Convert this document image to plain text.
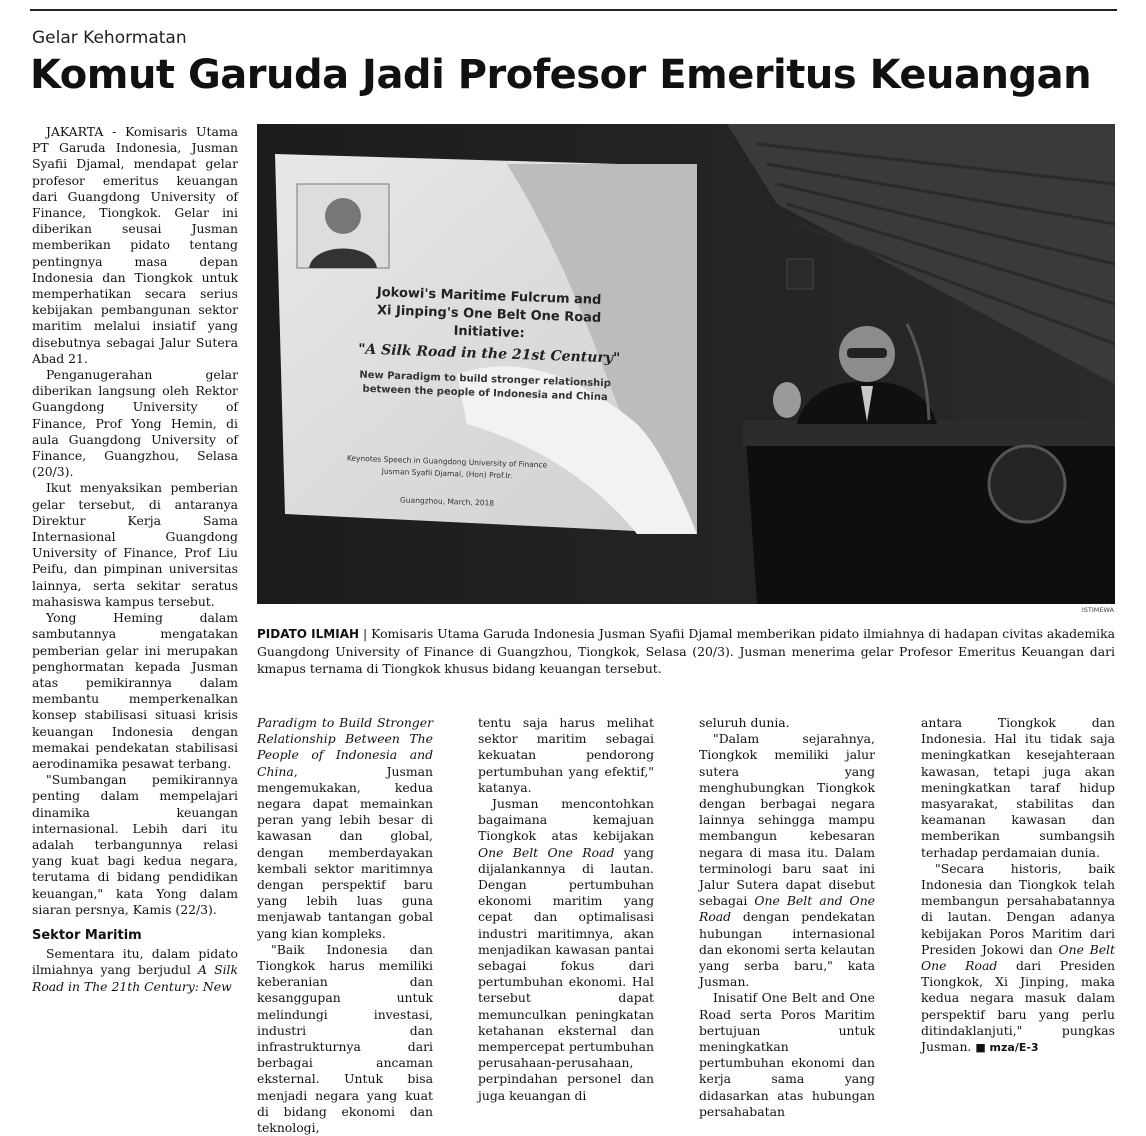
Gelar Kehormatan
Komut Garuda Jadi Profesor Emeritus Keuangan

JAKARTA - Komisaris Utama PT Garuda Indonesia, Jusman Syafii Djamal, mendapat gelar profesor emeritus keuangan dari Guangdong University of Finance, Tiongkok. Gelar ini diberikan seusai Jusman memberikan pidato tentang pentingnya masa depan Indonesia dan Tiongkok untuk memperhatikan secara serius kebijakan pembangunan sektor maritim melalui insiatif yang disebutnya sebagai Jalur Sutera Abad 21.

Penganugerahan gelar diberikan langsung oleh Rektor Guangdong University of Finance, Prof Yong Hemin, di aula Guangdong University of Finance, Guangzhou, Selasa (20/3).

Ikut menyaksikan pemberian gelar tersebut, di antaranya Direktur Kerja Sama Internasional Guangdong University of Finance, Prof Liu Peifu, dan pimpinan universitas lainnya, serta sekitar seratus mahasiswa kampus tersebut.

Yong Heming dalam sambutannya mengatakan pemberian gelar ini merupakan penghormatan kepada Jusman atas pemikirannya dalam membantu memperkenalkan konsep stabilisasi situasi krisis keuangan Indonesia dengan memakai pendekatan stabilisasi aerodinamika pesawat terbang.

"Sumbangan pemikirannya penting dalam mempelajari dinamika keuangan internasional. Lebih dari itu adalah terbangunnya relasi yang kuat bagi kedua negara, terutama di bidang pendidikan keuangan," kata Yong dalam siaran persnya, Kamis (22/3).

Sektor Maritim

Sementara itu, dalam pidato ilmiahnya yang berjudul A Silk Road in The 21th Century: New

Jokowi's Maritime Fulcrum and
Xi Jinping's One Belt One Road
Initiative:
"A Silk Road in the 21st Century"
New Paradigm to build stronger relationship
between the people of Indonesia and China
Keynotes Speech in Guangdong University of Finance
Jusman Syafii Djamal, (Hon) Prof.Ir.
Guangzhou, March, 2018
ISTIMEWA
PIDATO ILMIAH | Komisaris Utama Garuda Indonesia Jusman Syafii Djamal memberikan pidato ilmiahnya di hadapan civitas akademika Guangdong University of Finance di Guangzhou, Tiongkok, Selasa (20/3). Jusman menerima gelar Profesor Emeritus Keuangan dari kmapus ternama di Tiongkok khusus bidang keuangan tersebut.

Paradigm to Build Stronger Relationship Between The People of Indonesia and China, Jusman mengemukakan, kedua negara dapat memainkan peran yang lebih besar di kawasan dan global, dengan memberdayakan kembali sektor maritimnya dengan perspektif baru yang lebih luas guna menjawab tantangan gobal yang kian kompleks.

"Baik Indonesia dan Tiongkok harus memiliki keberanian dan kesanggupan untuk melindungi investasi, industri dan infrastrukturnya dari berbagai ancaman eksternal. Untuk bisa menjadi negara yang kuat di bidang ekonomi dan teknologi,

tentu saja harus melihat sektor maritim sebagai kekuatan pendorong pertumbuhan yang efektif," katanya.

Jusman mencontohkan bagaimana kemajuan Tiongkok atas kebijakan One Belt One Road yang dijalankannya di lautan. Dengan pertumbuhan ekonomi maritim yang cepat dan optimalisasi industri maritimnya, akan menjadikan kawasan pantai sebagai fokus dari pertumbuhan ekonomi. Hal tersebut dapat memunculkan peningkatan ketahanan eksternal dan mempercepat pertumbuhan perusahaan-perusahaan, perpindahan personel dan juga keuangan di

seluruh dunia.

"Dalam sejarahnya, Tiongkok memiliki jalur sutera yang menghubungkan Tiongkok dengan berbagai negara lainnya sehingga mampu membangun kebesaran negara di masa itu. Dalam terminologi baru saat ini Jalur Sutera dapat disebut sebagai One Belt and One Road dengan pendekatan hubungan internasional dan ekonomi serta kelautan yang serba baru," kata Jusman.

Inisatif One Belt and One Road serta Poros Maritim bertujuan untuk meningkatkan pertumbuhan ekonomi dan kerja sama yang didasarkan atas hubungan persahabatan

antara Tiongkok dan Indonesia. Hal itu tidak saja meningkatkan kesejahteraan kawasan, tetapi juga akan meningkatkan taraf hidup masyarakat, stabilitas dan keamanan kawasan dan memberikan sumbangsih terhadap perdamaian dunia.

"Secara historis, baik Indonesia dan Tiongkok telah membangun persahabatannya di lautan. Dengan adanya kebijakan Poros Maritim dari Presiden Jokowi dan One Belt One Road dari Presiden Tiongkok, Xi Jinping, maka kedua negara masuk dalam perspektif baru yang perlu ditindaklanjuti," pungkas Jusman. ■ mza/E-3
